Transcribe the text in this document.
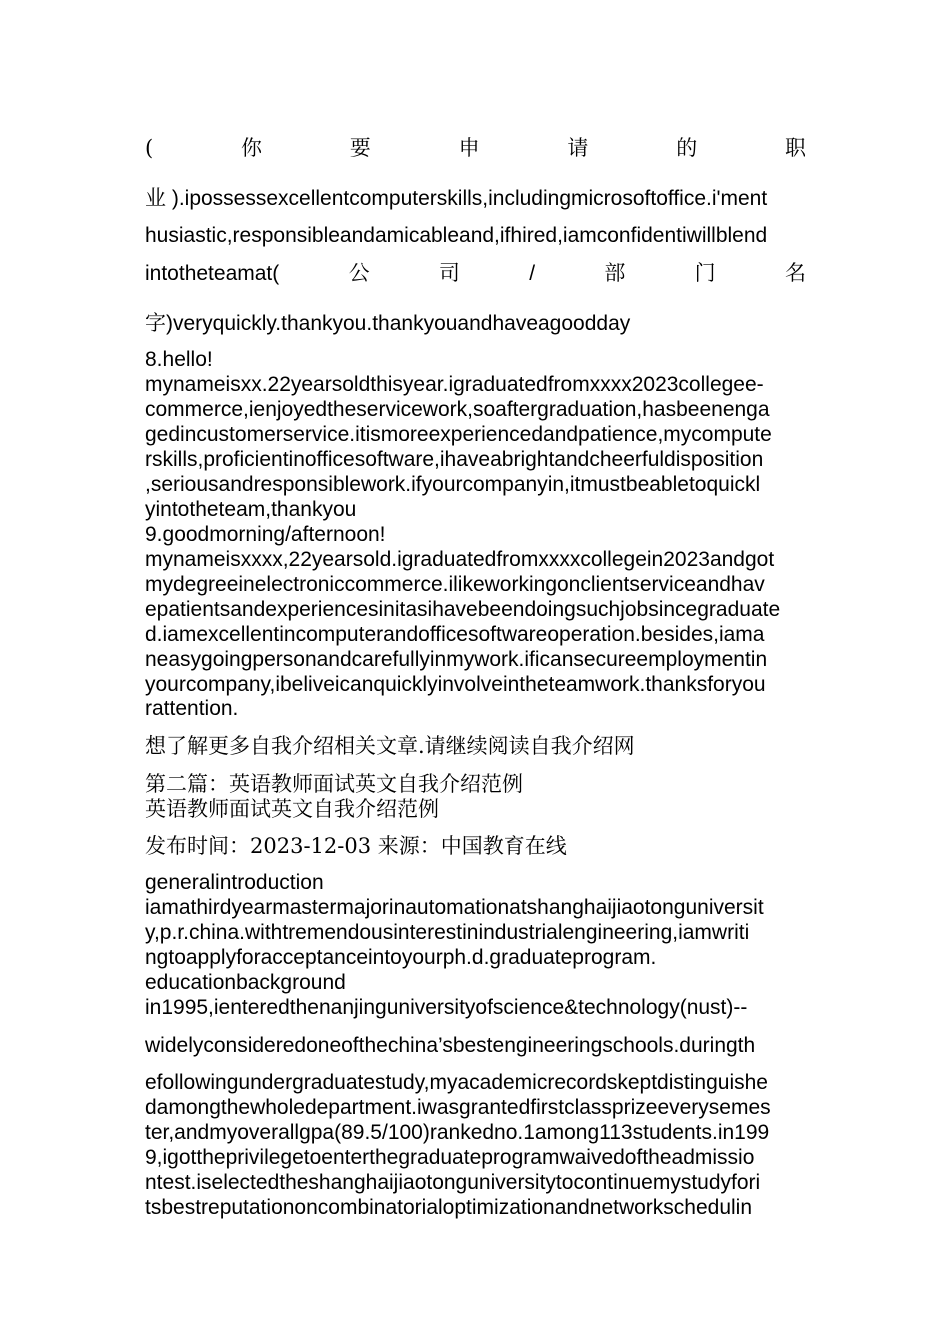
(	你	要	申	请	的	职
业 ).ipossessexcellentcomputerskills,includingmicrosoftoffice.i'ment
husiastic,responsibleandamicableand,ifhired,iamconfidentiwillblend
intotheteamat(	公	司	/	部	门	名
字)veryquickly.thankyou.thankyouandhaveagoodday
8.hello!
mynameisxx.22yearsoldthisyear.igraduatedfromxxxx2023collegee-
commerce,ienjoyedtheservicework,soaftergraduation,hasbeenenga
gedincustomerservice.itismoreexperiencedandpatience,mycompute
rskills,proficientinofficesoftware,ihaveabrightandcheerfuldisposition
,seriousandresponsiblework.ifyourcompanyin,itmustbeabletoquickl
yintotheteam,thankyou
9.goodmorning/afternoon!
mynameisxxxx,22yearsold.igraduatedfromxxxxcollegein2023andgot
mydegreeinelectroniccommerce.ilikeworkingonclientserviceandhav
epatientsandexperiencesinitasihavebeendoingsuchjobsincegraduate
d.iamexcellentincomputerandofficesoftwareoperation.besides,iama
neasygoingpersonandcarefullyinmywork.ificansecureemploymentin
yourcompany,ibeliveicanquicklyinvolveintheteamwork.thanksforyou
rattention.
想了解更多自我介绍相关文章.请继续阅读自我介绍网
第二篇：英语教师面试英文自我介绍范例
英语教师面试英文自我介绍范例
发布时间：2023-12-03 来源：中国教育在线
generalintroduction
iamathirdyearmastermajorinautomationatshanghaijiaotonguniversit
y,p.r.china.withtremendousinterestinindustrialengineering,iamwriti
ngtoapplyforacceptanceintoyourph.d.graduateprogram.
educationbackground
in1995,ienteredthenanjinguniversityofscience&technology(nust)--
widelyconsideredoneofthechina’sbestengineeringschools.duringth
efollowingundergraduatestudy,myacademicrecordskeptdistinguishe
damongthewholedepartment.iwasgrantedfirstclassprizeeverysemes
ter,andmyoverallgpa(89.5/100)rankedno.1among113students.in199
9,igottheprivilegetoenterthegraduateprogramwaivedoftheadmissio
ntest.iselectedtheshanghaijiaotonguniversitytocontinuemystudyfori
tsbestreputationoncombinatorialoptimizationandnetworkschedulin
